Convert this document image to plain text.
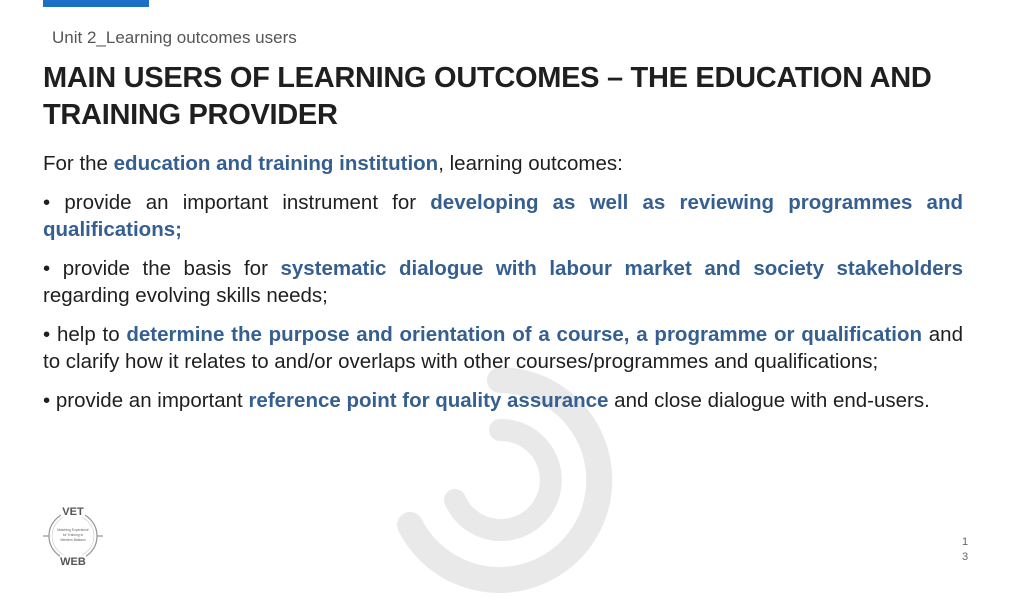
Unit 2_Learning outcomes users
MAIN USERS OF LEARNING OUTCOMES – THE EDUCATION AND TRAINING PROVIDER

For the education and training institution, learning outcomes:

• provide an important instrument for developing as well as reviewing programmes and qualifications;

• provide the basis for systematic dialogue with labour market and society stakeholders regarding evolving skills needs;

• help to determine the purpose and orientation of a course, a programme or qualification and to clarify how it relates to and/or overlaps with other courses/programmes and qualifications;

• provide an important reference point for quality assurance and close dialogue with end-users.

VET
WEB
Matching Experience
for Training in
Western Balkans	1
3
